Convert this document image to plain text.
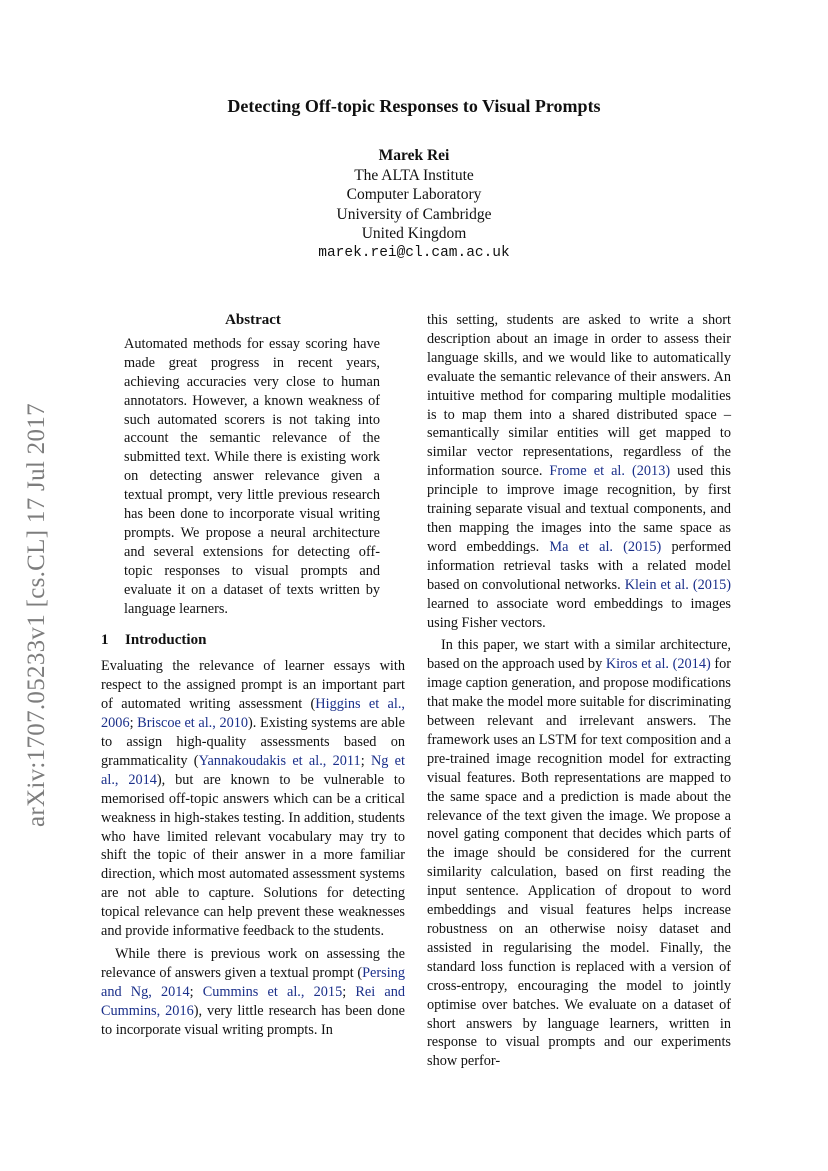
arXiv:1707.05233v1 [cs.CL] 17 Jul 2017
Detecting Off-topic Responses to Visual Prompts
Marek Rei
The ALTA Institute
Computer Laboratory
University of Cambridge
United Kingdom
marek.rei@cl.cam.ac.uk
Abstract

Automated methods for essay scoring have made great progress in recent years, achieving accuracies very close to human annotators. However, a known weakness of such automated scorers is not taking into account the semantic relevance of the submitted text. While there is existing work on detecting answer relevance given a textual prompt, very little previous research has been done to incorporate visual writing prompts. We propose a neural architecture and several extensions for detecting off-topic responses to visual prompts and evaluate it on a dataset of texts written by language learners.

1 Introduction

Evaluating the relevance of learner essays with respect to the assigned prompt is an important part of automated writing assessment (Higgins et al., 2006; Briscoe et al., 2010). Existing systems are able to assign high-quality assessments based on grammaticality (Yannakoudakis et al., 2011; Ng et al., 2014), but are known to be vulnerable to memorised off-topic answers which can be a critical weakness in high-stakes testing. In addition, students who have limited relevant vocabulary may try to shift the topic of their answer in a more familiar direction, which most automated assessment systems are not able to capture. Solutions for detecting topical relevance can help prevent these weaknesses and provide informative feedback to the students.

While there is previous work on assessing the relevance of answers given a textual prompt (Persing and Ng, 2014; Cummins et al., 2015; Rei and Cummins, 2016), very little research has been done to incorporate visual writing prompts. In

this setting, students are asked to write a short description about an image in order to assess their language skills, and we would like to automatically evaluate the semantic relevance of their answers. An intuitive method for comparing multiple modalities is to map them into a shared distributed space – semantically similar entities will get mapped to similar vector representations, regardless of the information source. Frome et al. (2013) used this principle to improve image recognition, by first training separate visual and textual components, and then mapping the images into the same space as word embeddings. Ma et al. (2015) performed information retrieval tasks with a related model based on convolutional networks. Klein et al. (2015) learned to associate word embeddings to images using Fisher vectors.

In this paper, we start with a similar architecture, based on the approach used by Kiros et al. (2014) for image caption generation, and propose modifications that make the model more suitable for discriminating between relevant and irrelevant answers. The framework uses an LSTM for text composition and a pre-trained image recognition model for extracting visual features. Both representations are mapped to the same space and a prediction is made about the relevance of the text given the image. We propose a novel gating component that decides which parts of the image should be considered for the current similarity calculation, based on first reading the input sentence. Application of dropout to word embeddings and visual features helps increase robustness on an otherwise noisy dataset and assisted in regularising the model. Finally, the standard loss function is replaced with a version of cross-entropy, encouraging the model to jointly optimise over batches. We evaluate on a dataset of short answers by language learners, written in response to visual prompts and our experiments show perfor-
